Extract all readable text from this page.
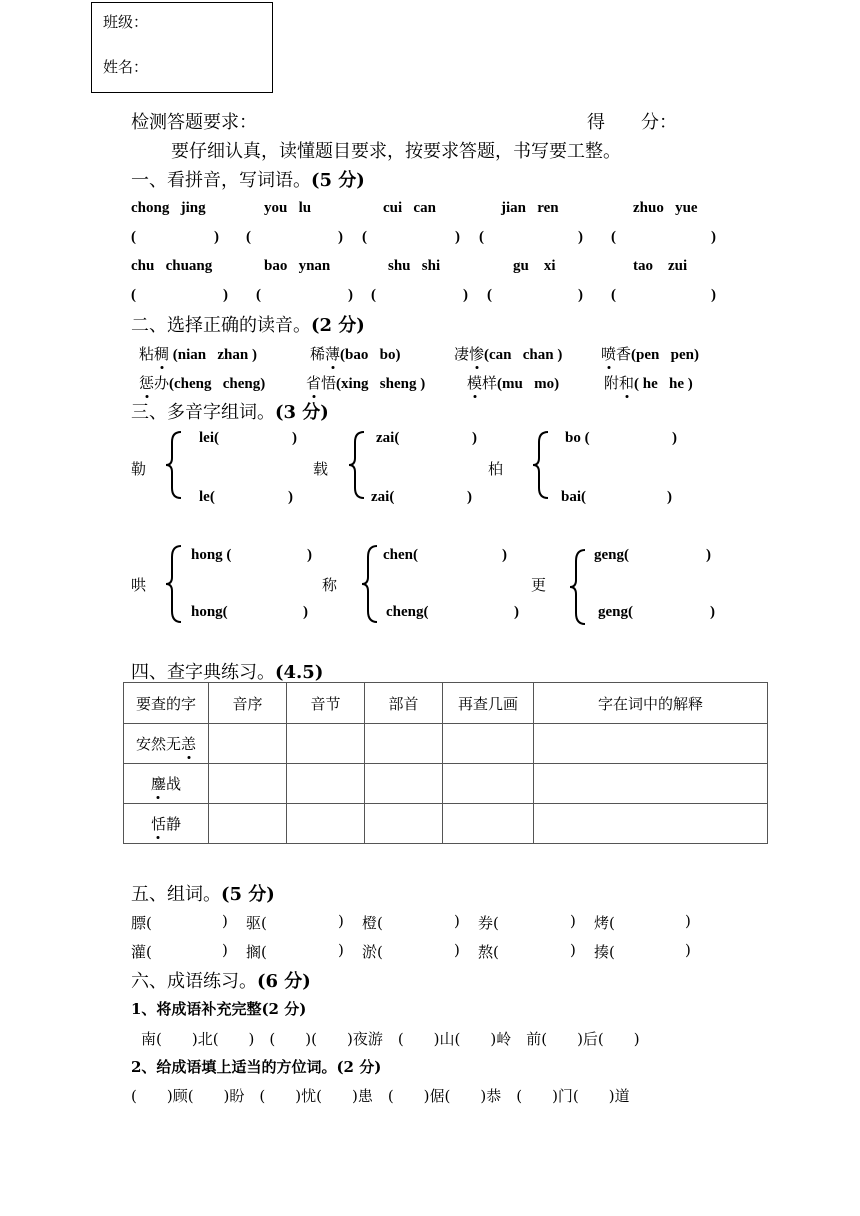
班级：
姓名：
检测答题要求：	得　　分：
要仔细认真，读懂题目要求，按要求答题，书写要工整。
一、看拼音，写词语。(5 分)
chong   jing	you   lu	cui   can	jian   ren	zhuo   yue
(	) (	) (	) (	) (	)
chu   chuang	bao   ynan	shu   shi	gu    xi	tao    zui
(	) (	) (	) (	) (	)
二、选择正确的读音。(2 分)
粘稠 (nian   zhan )	稀薄(bao   bo)	凄惨(can   chan )	喷香(pen   pen)
惩办(cheng   cheng)	省悟(xing   sheng )	模样(mu   mo)	附和( he   he )
三、多音字组词。(3 分)
勒
lei(	)
le(	)
载
zai(	)
zai(	)
柏
bo (	)
bai(	)
哄
hong (	)
hong(	)
称
chen(	)
cheng(	)
更
geng(	)
geng(	)
四、查字典练习。(4.5)
要查的字	音序	音节	部首	再查几画	字在词中的解释
安然无恙					
鏖战					
恬静					
五、组词。(5 分)
膘(	) 驱(	) 橙(	) 券(	) 烤(	)
灌(	) 搁(	) 淤(	) 熬(	) 揍(	)
六、成语练习。(6 分)
1、将成语补充完整(2 分)
南(　　)北(　　)　(　　)(　　)夜游　(　　)山(　　)岭　前(　　)后(　　)
2、给成语填上适当的方位词。(2 分)
(　　)顾(　　)盼　(　　)忧(　　)患　(　　)倨(　　)恭　(　　)门(　　)道
